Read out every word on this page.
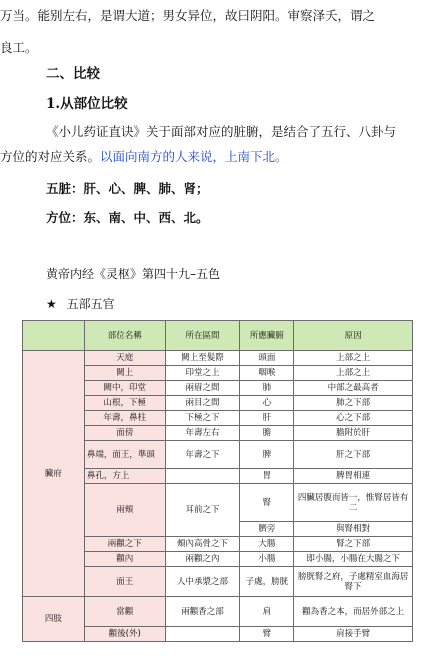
万当。能别左右，是谓大道；男女异位，故曰阴阳。审察泽夭，谓之
良工。
二、比较
1.从部位比较
《小儿药证直诀》关于面部对应的脏腑，是结合了五行、八卦与
方位的对应关系。以面向南方的人来说，上南下北。
五脏：肝、心、脾、肺、肾；
方位：东、南、中、西、北。
黄帝内经《灵枢》第四十九–五色
★ 五部五官
	部位名稱	所在區間	所應臟腑	原因
臟府	天庭	闕上至髮際	頭面	上部之上
	闕上	印堂之上	咽喉	上部之上
	闕中，印堂	兩眉之間	肺	中部之最高者
	山根，下極	兩目之間	心	肺之下部
	年壽，鼻柱	下極之下	肝	心之下部
	面傍	年壽左右	膽	膽附於肝
	鼻端，面王，準頭	年壽之下	脾	肝之下部
	鼻孔，方上		胃	脾胃相連
	兩頰	耳前之下	腎	四臟居腹而皆一，惟腎居皆有二
			臍旁	與腎相對
	兩顴之下	頰內高骨之下	大腸	腎之下部
	顴內	兩顴之內	小腸	即小腸，小腸在大腸之下
	面王	人中承漿之部	子處，膀胱	膀胱腎之府，子處精室血海居腎下
四肢	當顴	兩顴香之部	肩	顴為香之本，而居外部之上
	顴後(外)		臂	肩接手臂
